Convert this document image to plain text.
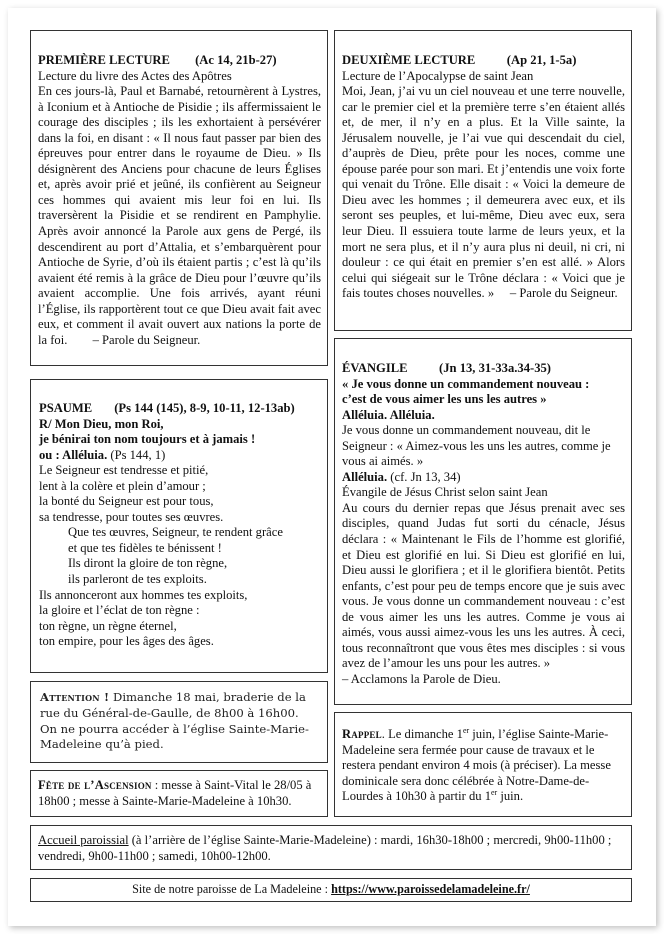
PREMIÈRE LECTURE (Ac 14, 21b-27)

Lecture du livre des Actes des Apôtres

En ces jours-là, Paul et Barnabé, retournèrent à Lystres, à Iconium et à Antioche de Pisidie ; ils affermissaient le courage des disciples ; ils les exhortaient à persévérer dans la foi, en disant : « Il nous faut passer par bien des épreuves pour entrer dans le royaume de Dieu. » Ils désignèrent des Anciens pour chacune de leurs Églises et, après avoir prié et jeûné, ils confièrent au Seigneur ces hommes qui avaient mis leur foi en lui. Ils traversèrent la Pisidie et se rendirent en Pamphylie. Après avoir annoncé la Parole aux gens de Pergé, ils descendirent au port d’Attalia, et s’embarquèrent pour Antioche de Syrie, d’où ils étaient partis ; c’est là qu’ils avaient été remis à la grâce de Dieu pour l’œuvre qu’ils avaient accomplie. Une fois arrivés, ayant réuni l’Église, ils rapportèrent tout ce que Dieu avait fait avec eux, et comment il avait ouvert aux nations la porte de la foi. – Parole du Seigneur.

DEUXIÈME LECTURE (Ap 21, 1-5a)

Lecture de l’Apocalypse de saint Jean

Moi, Jean, j’ai vu un ciel nouveau et une terre nouvelle, car le premier ciel et la première terre s’en étaient allés et, de mer, il n’y en a plus. Et la Ville sainte, la Jérusalem nouvelle, je l’ai vue qui descendait du ciel, d’auprès de Dieu, prête pour les noces, comme une épouse parée pour son mari. Et j’entendis une voix forte qui venait du Trône. Elle disait : « Voici la demeure de Dieu avec les hommes ; il demeurera avec eux, et ils seront ses peuples, et lui-même, Dieu avec eux, sera leur Dieu. Il essuiera toute larme de leurs yeux, et la mort ne sera plus, et il n’y aura plus ni deuil, ni cri, ni douleur : ce qui était en premier s’en est allé. » Alors celui qui siégeait sur le Trône déclara : « Voici que je fais toutes choses nouvelles. » – Parole du Seigneur.

PSAUME (Ps 144 (145), 8-9, 10-11, 12-13ab)

R/ Mon Dieu, mon Roi,

je bénirai ton nom toujours et à jamais !

ou : Alléluia. (Ps 144, 1)

Le Seigneur est tendresse et pitié,

lent à la colère et plein d’amour ;

la bonté du Seigneur est pour tous,

sa tendresse, pour toutes ses œuvres.

Que tes œuvres, Seigneur, te rendent grâce

et que tes fidèles te bénissent !

Ils diront la gloire de ton règne,

ils parleront de tes exploits.

Ils annonceront aux hommes tes exploits,

la gloire et l’éclat de ton règne :

ton règne, un règne éternel,

ton empire, pour les âges des âges.

ÉVANGILE (Jn 13, 31-33a.34-35)

« Je vous donne un commandement nouveau :

c’est de vous aimer les uns les autres »

Alléluia. Alléluia.

Je vous donne un commandement nouveau, dit le Seigneur : « Aimez-vous les uns les autres, comme je vous ai aimés. »

Alléluia. (cf. Jn 13, 34)

Évangile de Jésus Christ selon saint Jean

Au cours du dernier repas que Jésus prenait avec ses disciples, quand Judas fut sorti du cénacle, Jésus déclara : « Maintenant le Fils de l’homme est glorifié, et Dieu est glorifié en lui. Si Dieu est glorifié en lui, Dieu aussi le glorifiera ; et il le glorifiera bientôt. Petits enfants, c’est pour peu de temps encore que je suis avec vous. Je vous donne un commandement nouveau : c’est de vous aimer les uns les autres. Comme je vous ai aimés, vous aussi aimez-vous les uns les autres. À ceci, tous reconnaîtront que vous êtes mes disciples : si vous avez de l’amour les uns pour les autres. »

– Acclamons la Parole de Dieu.

Attention ! Dimanche 18 mai, braderie de la rue du Général-de-Gaulle, de 8h00 à 16h00. On ne pourra accéder à l’église Sainte-Marie-Madeleine qu’à pied.

Fête de l’Ascension : messe à Saint-Vital le 28/05 à 18h00 ; messe à Sainte-Marie-Madeleine à 10h30.

Rappel. Le dimanche 1er juin, l’église Sainte-Marie-Madeleine sera fermée pour cause de travaux et le restera pendant environ 4 mois (à préciser). La messe dominicale sera donc célébrée à Notre-Dame-de-Lourdes à 10h30 à partir du 1er juin.

Accueil paroissial (à l’arrière de l’église Sainte-Marie-Madeleine) : mardi, 16h30-18h00 ; mercredi, 9h00-11h00 ; vendredi, 9h00-11h00 ; samedi, 10h00-12h00.

Site de notre paroisse de La Madeleine : https://www.paroissedelamadeleine.fr/
